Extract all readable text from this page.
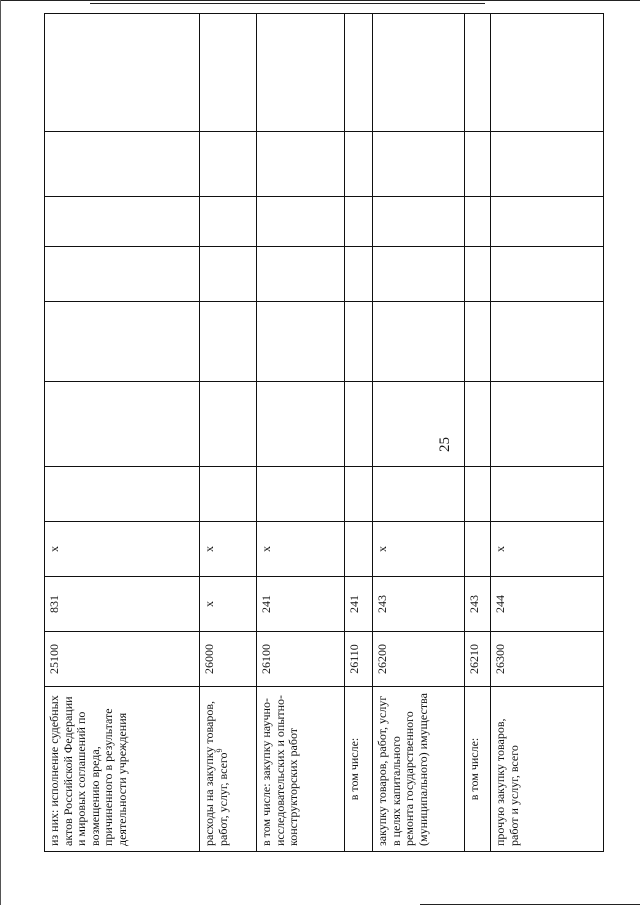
25
из них: исполнение судебных актов Российской Федерации и мировых соглашений по возмещению вреда, причиненного в результате деятельности учреждения	25100	831	х							
расходы на закупку товаров, работ, услуг, всего$^9$	26000	х	х							
в том числе: закупку научно-исследовательских и опытно-конструкторских работ	26100	241	х							
в том числе:	26110	241								
закупку товаров, работ, услуг в целях капитального ремонта государственного (муниципального) имущества	26200	243	х							
в том числе:	26210	243								
прочую закупку товаров, работ и услуг, всего	26300	244	х							
